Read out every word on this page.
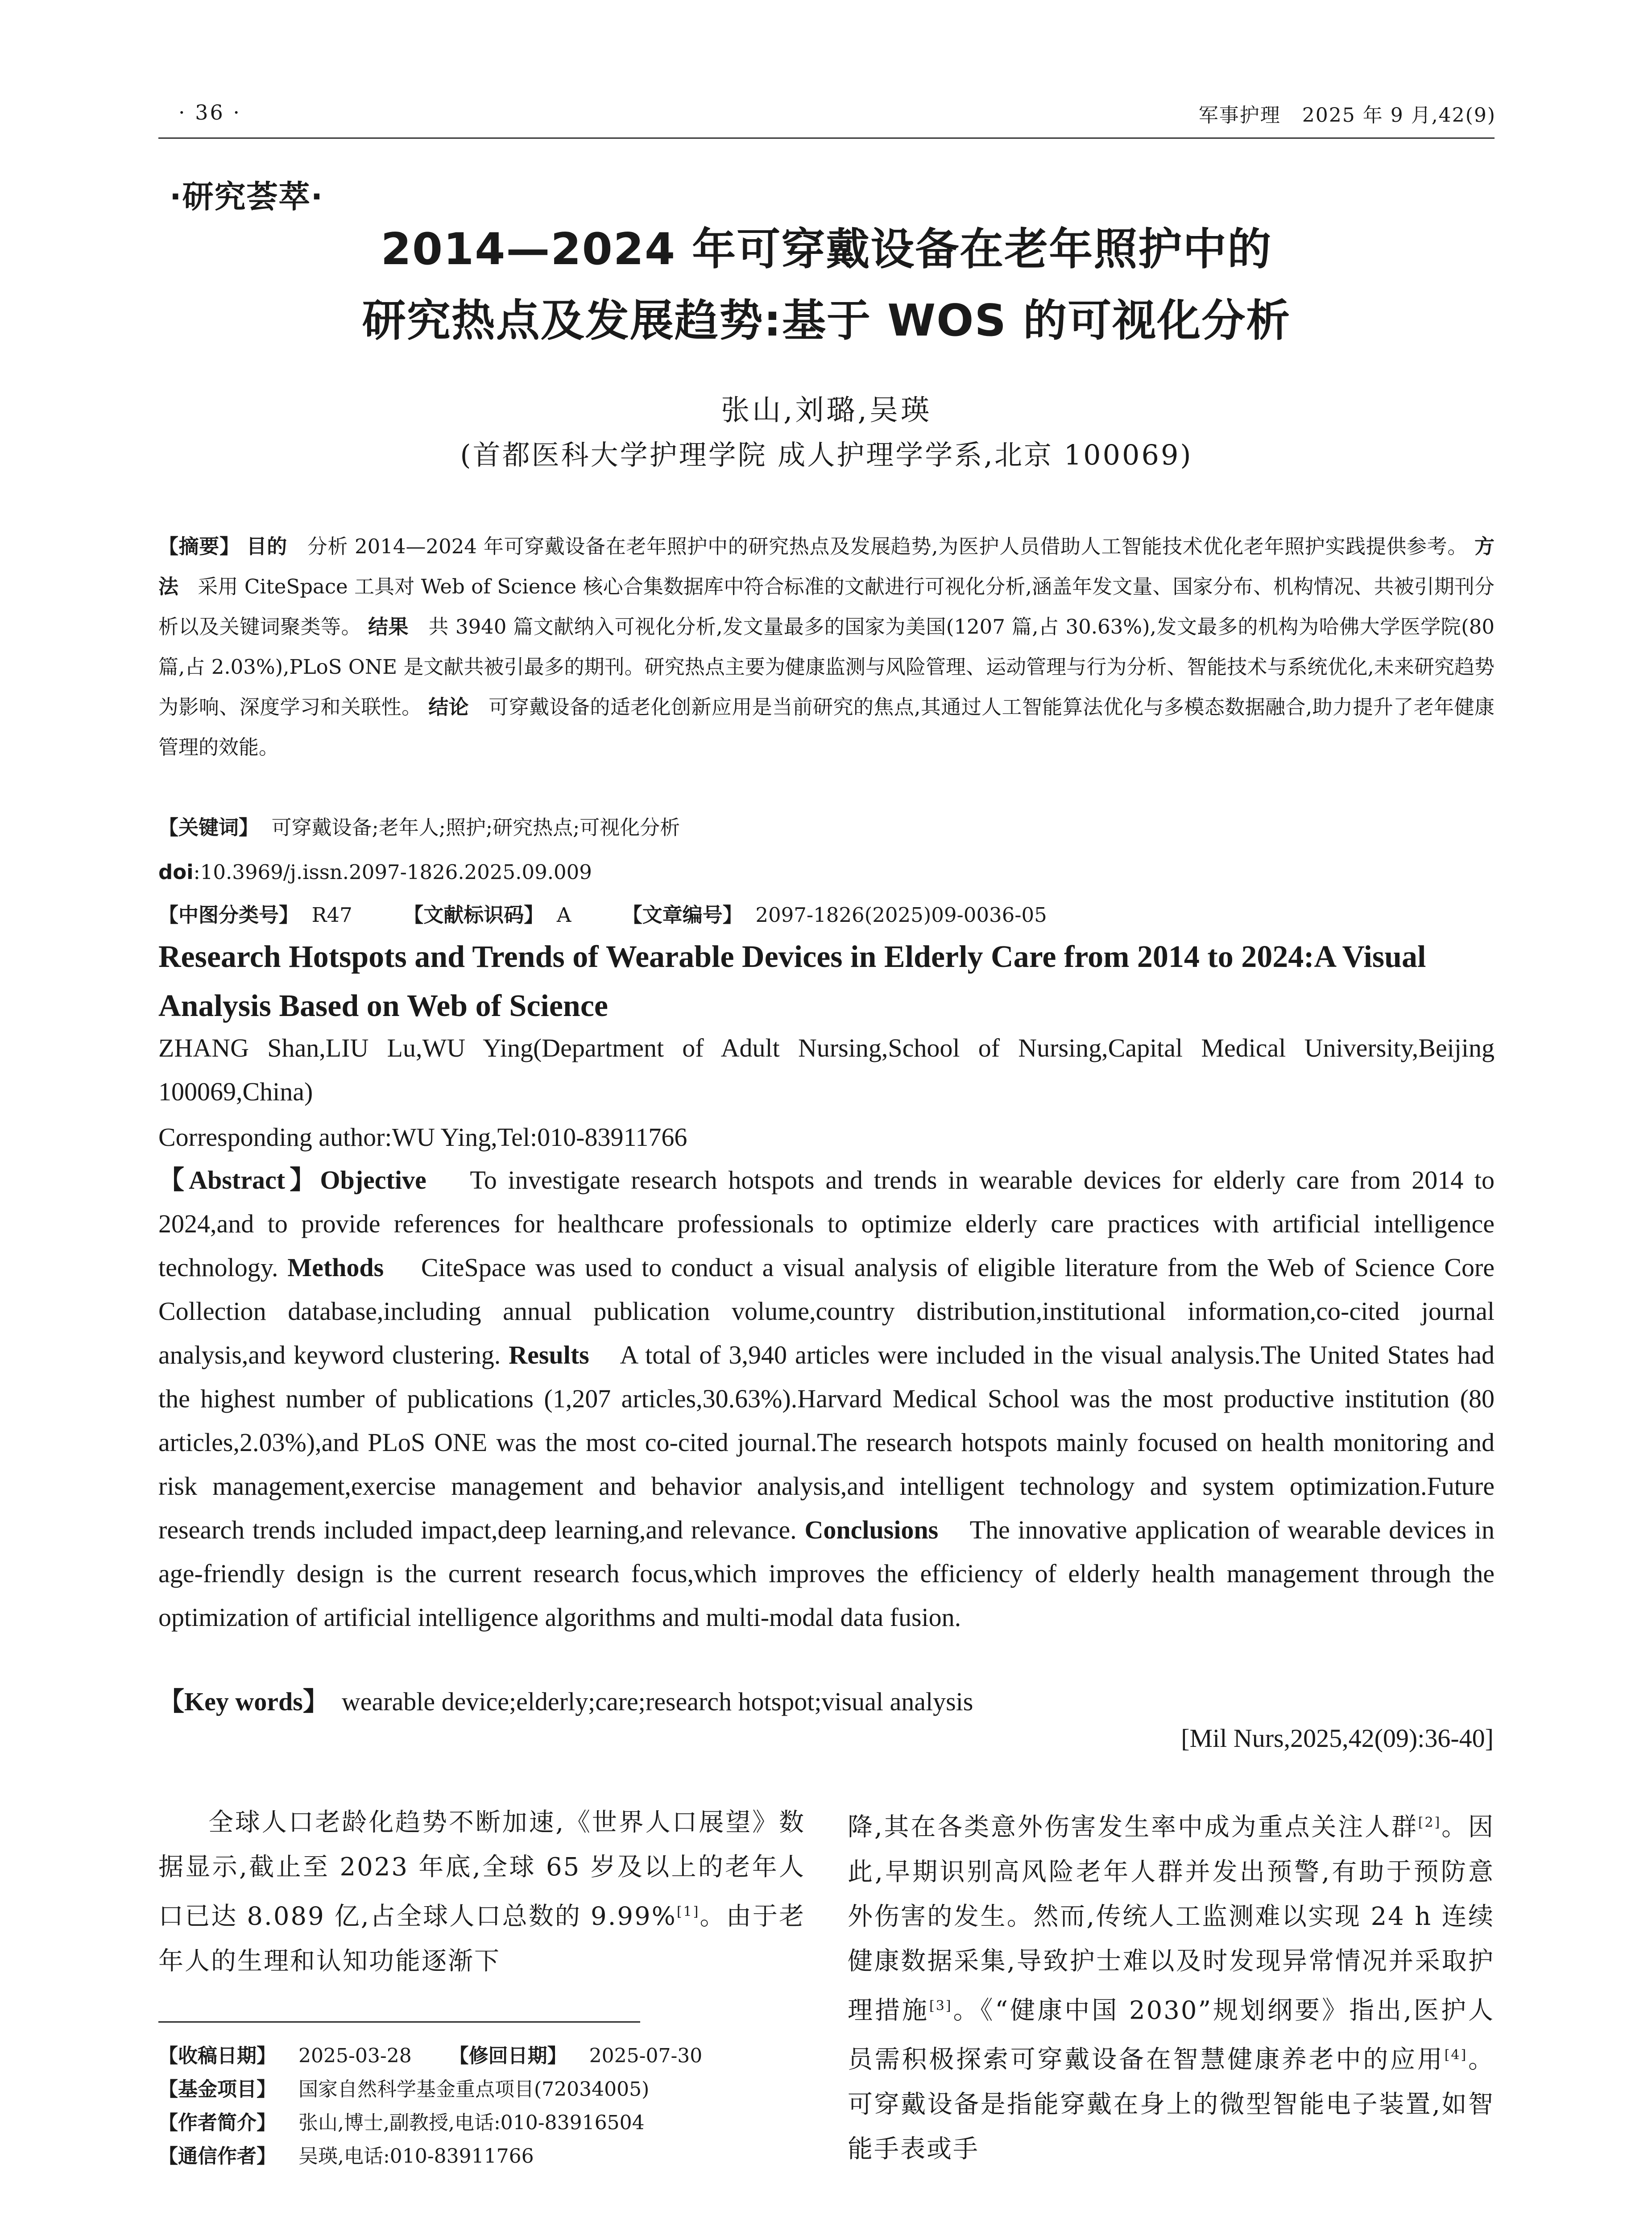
· 36 ·	军事护理 2025 年 9 月,42(9)
·研究荟萃·
2014—2024 年可穿戴设备在老年照护中的
研究热点及发展趋势:基于 WOS 的可视化分析
张山,刘璐,吴瑛
(首都医科大学护理学院 成人护理学学系,北京 100069)
【摘要】 目的 分析 2014—2024 年可穿戴设备在老年照护中的研究热点及发展趋势,为医护人员借助人工智能技术优化老年照护实践提供参考。 方法 采用 CiteSpace 工具对 Web of Science 核心合集数据库中符合标准的文献进行可视化分析,涵盖年发文量、国家分布、机构情况、共被引期刊分析以及关键词聚类等。 结果 共 3940 篇文献纳入可视化分析,发文量最多的国家为美国(1207 篇,占 30.63%),发文最多的机构为哈佛大学医学院(80 篇,占 2.03%),PLoS ONE 是文献共被引最多的期刊。研究热点主要为健康监测与风险管理、运动管理与行为分析、智能技术与系统优化,未来研究趋势为影响、深度学习和关联性。 结论 可穿戴设备的适老化创新应用是当前研究的焦点,其通过人工智能算法优化与多模态数据融合,助力提升了老年健康管理的效能。
【关键词】 可穿戴设备;老年人;照护;研究热点;可视化分析
doi:10.3969/j.issn.2097-1826.2025.09.009
【中图分类号】 R47	【文献标识码】 A	【文章编号】 2097-1826(2025)09-0036-05
Research Hotspots and Trends of Wearable Devices in Elderly Care from 2014 to 2024:A Visual Analysis Based on Web of Science
ZHANG Shan,LIU Lu,WU Ying(Department of Adult Nursing,School of Nursing,Capital Medical University,Beijing 100069,China)
Corresponding author:WU Ying,Tel:010-83911766
【Abstract】Objective To investigate research hotspots and trends in wearable devices for elderly care from 2014 to 2024,and to provide references for healthcare professionals to optimize elderly care practices with artificial intelligence technology. Methods CiteSpace was used to conduct a visual analysis of eligible literature from the Web of Science Core Collection database,including annual publication volume,country distribution,institutional information,co-cited journal analysis,and keyword clustering. Results A total of 3,940 articles were included in the visual analysis.The United States had the highest number of publications (1,207 articles,30.63%).Harvard Medical School was the most productive institution (80 articles,2.03%),and PLoS ONE was the most co-cited journal.The research hotspots mainly focused on health monitoring and risk management,exercise management and behavior analysis,and intelligent technology and system optimization.Future research trends included impact,deep learning,and relevance. Conclusions The innovative application of wearable devices in age-friendly design is the current research focus,which improves the efficiency of elderly health management through the optimization of artificial intelligence algorithms and multi-modal data fusion.
【Key words】 wearable device;elderly;care;research hotspot;visual analysis
[Mil Nurs,2025,42(09):36-40]
全球人口老龄化趋势不断加速,《世界人口展望》数据显示,截止至 2023 年底,全球 65 岁及以上的老年人口已达 8.089 亿,占全球人口总数的 9.99%[1]。由于老年人的生理和认知功能逐渐下
降,其在各类意外伤害发生率中成为重点关注人群[2]。因此,早期识别高风险老年人群并发出预警,有助于预防意外伤害的发生。然而,传统人工监测难以实现 24 h 连续健康数据采集,导致护士难以及时发现异常情况并采取护理措施[3]。《“健康中国 2030”规划纲要》指出,医护人员需积极探索可穿戴设备在智慧健康养老中的应用[4]。可穿戴设备是指能穿戴在身上的微型智能电子装置,如智能手表或手
【收稿日期】 2025-03-28 【修回日期】 2025-07-30
【基金项目】 国家自然科学基金重点项目(72034005)
【作者简介】 张山,博士,副教授,电话:010-83916504
【通信作者】 吴瑛,电话:010-83911766
